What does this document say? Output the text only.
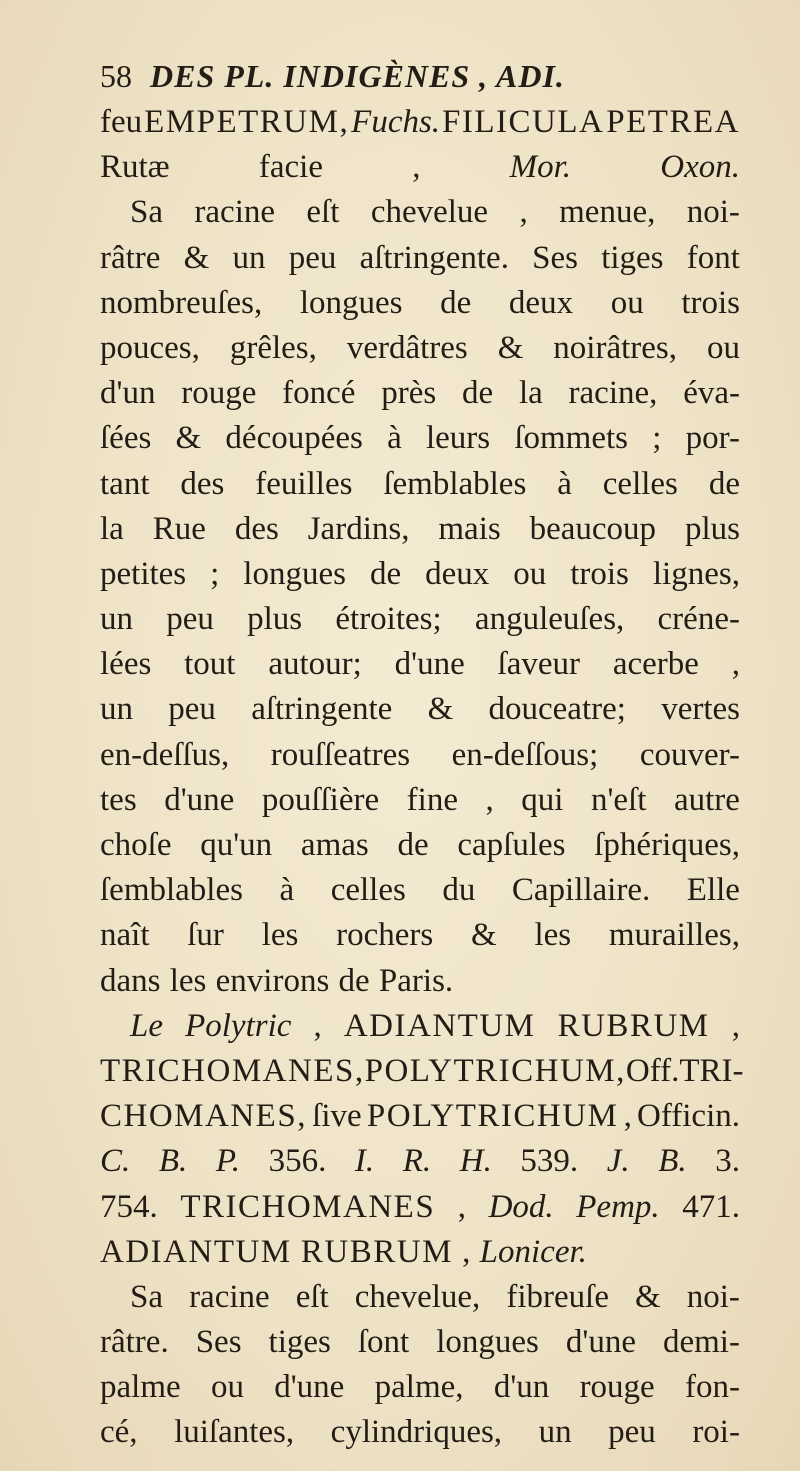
58 DES PL. INDIGÈNES , ADI.
feu EMPETRUM, Fuchs. FILICULA PETREA
Rutæ	facie	,	Mor.	Oxon.
Sa racine eſt chevelue , menue, noi-
râtre & un peu aſtringente. Ses tiges font
nombreuſes, longues de deux ou trois
pouces, grêles, verdâtres & noirâtres, ou
d'un rouge foncé près de la racine, éva-
ſées & découpées à leurs ſommets ; por-
tant des feuilles ſemblables à celles de
la Rue des Jardins, mais beaucoup plus
petites ; longues de deux ou trois lignes,
un peu plus étroites; anguleuſes, créne-
lées tout autour; d'une ſaveur acerbe ,
un peu aſtringente & douceatre; vertes
en-deſſus, rouſſeatres en-deſſous; couver-
tes d'une pouſſière fine , qui n'eſt autre
choſe qu'un amas de capſules ſphériques,
ſemblables à celles du Capillaire. Elle
naît ſur les rochers & les murailles,
dans les environs de Paris.
Le Polytric , ADIANTUM RUBRUM ,
TRICHOMANES,POLYTRICHUM, Off.TRI-
CHOMANES, ſive POLYTRICHUM , Officin.
C. B. P. 356. I. R. H. 539. J. B. 3.
754. TRICHOMANES , Dod. Pemp. 471.
ADIANTUM RUBRUM , Lonicer.
Sa racine eſt chevelue, fibreuſe & noi-
râtre. Ses tiges ſont longues d'une demi-
palme ou d'une palme, d'un rouge fon-
cé, luiſantes, cylindriques, un peu roi-
